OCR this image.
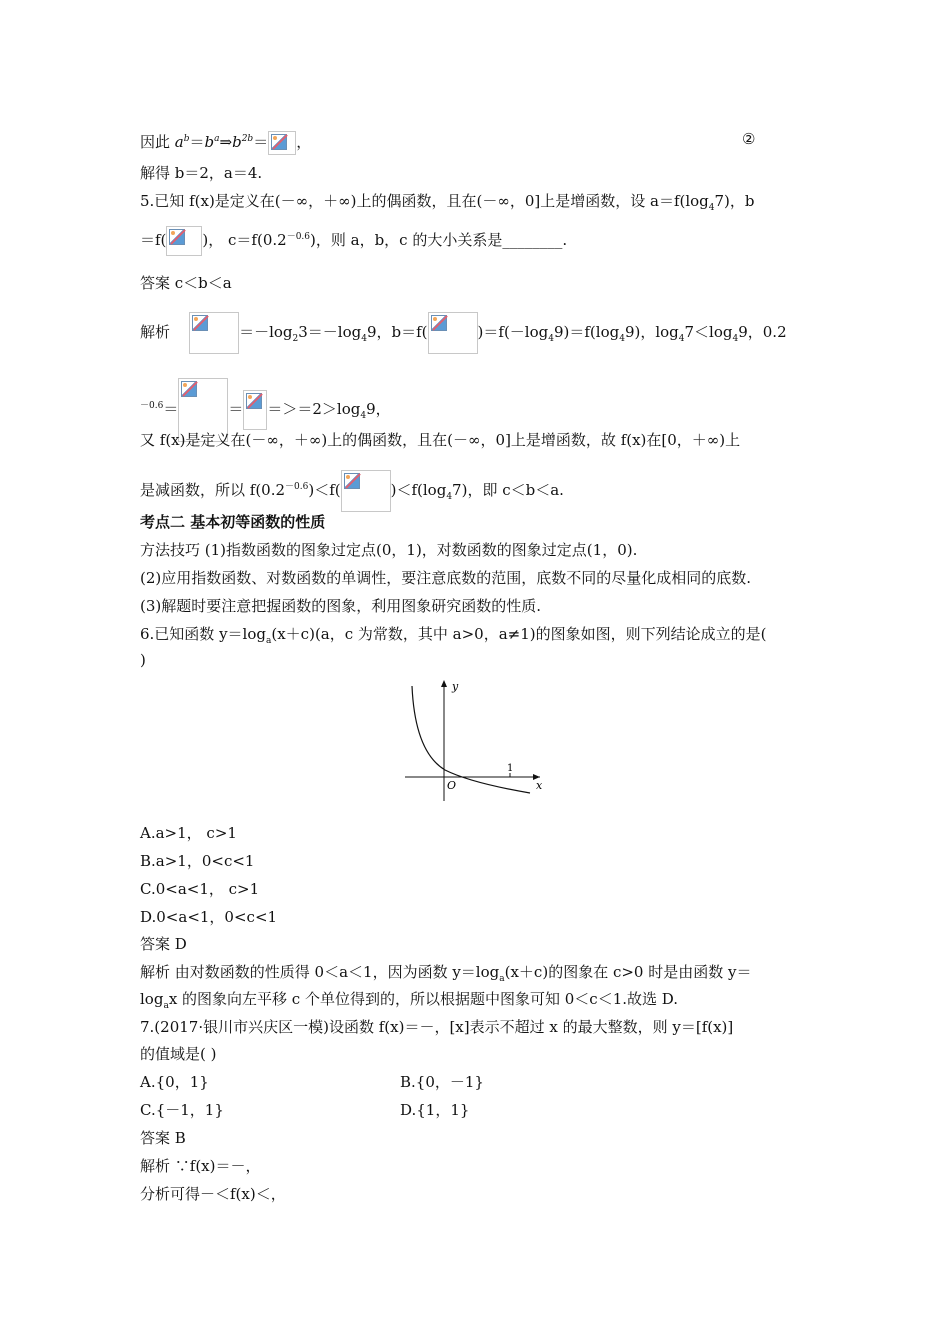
因此 $a^b=b^a\Rightarrow b^{2b}=$ ，	②
解得 b＝2，a＝4.
5.已知 f(x)是定义在(－∞，＋∞)上的偶函数，且在(－∞，0]上是增函数，设 $a=f(\log_47)$，b
＝f( )， $c=f(0.2^{-0.6})$，则 a，b，c 的大小关系是________.
答案 c＜b＜a
解析	$=-\log_23=-\log_49$，b＝f(	)$=f(-\log_49)=f(\log_49)$，$\log_47<\log_49$，0.2
$^{-0.6}$＝	＝ $=>=2>\log_49$，
又 f(x)是定义在(－∞，＋∞)上的偶函数，且在(－∞，0]上是增函数，故 f(x)在[0，＋∞)上
是减函数，所以 $f(0.2^{-0.6})<f$(	)$<f(\log_47)$，即 c＜b＜a.
考点二 基本初等函数的性质
方法技巧 (1)指数函数的图象过定点(0，1)，对数函数的图象过定点(1，0).
(2)应用指数函数、对数函数的单调性，要注意底数的范围，底数不同的尽量化成相同的底数.
(3)解题时要注意把握函数的图象，利用图象研究函数的性质.
6.已知函数 $y=\log_a(x+c)(a$，c 为常数，其中 a>0，a≠1)的图象如图，则下列结论成立的是(
)
y
x
O
1
A.a>1， c>1
B.a>1，0<c<1
C.0<a<1， c>1
D.0<a<1，0<c<1
答案 D
解析 由对数函数的性质得 0＜a＜1，因为函数 $y=\log_a(x+c)$的图象在 c>0 时是由函数 y＝
$\log_ax$ 的图象向左平移 c 个单位得到的，所以根据题中图象可知 0＜c＜1.故选 D.
7.(2017·银川市兴庆区一模)设函数 f(x)＝－，[x]表示不超过 x 的最大整数，则 y＝[f(x)]
的值域是( )
A.{0，1}	B.{0，－1}
C.{－1，1}	D.{1，1}
答案 B
解析 ∵f(x)＝－，
分析可得－＜f(x)＜，
